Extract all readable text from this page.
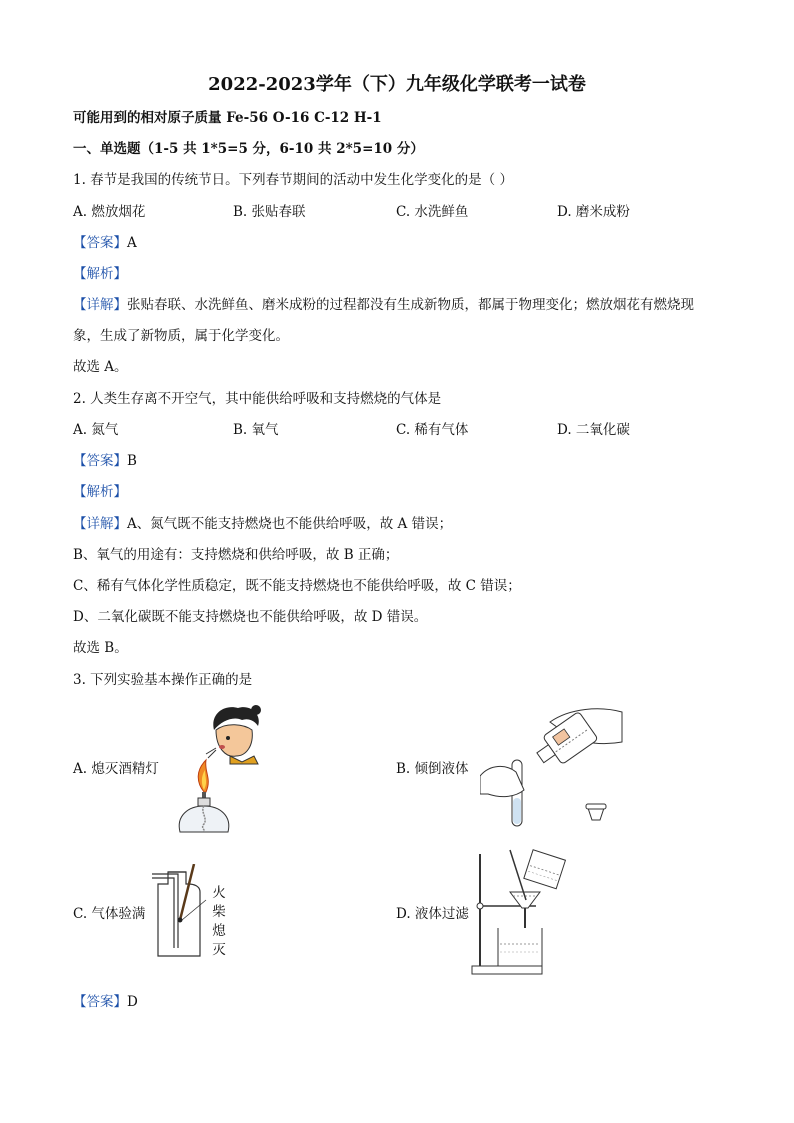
2022-2023学年（下）九年级化学联考一试卷
可能用到的相对原子质量 Fe-56 O-16 C-12 H-1
一、单选题（1-5 共 1*5=5 分，6-10 共 2*5=10 分）
1. 春节是我国的传统节日。下列春节期间的活动中发生化学变化的是（ ）
A. 燃放烟花	B. 张贴春联	C. 水洗鲜鱼	D. 磨米成粉
【答案】A
【解析】
【详解】张贴春联、水洗鲜鱼、磨米成粉的过程都没有生成新物质，都属于物理变化；燃放烟花有燃烧现
象，生成了新物质，属于化学变化。
故选 A。
2. 人类生存离不开空气，其中能供给呼吸和支持燃烧的气体是
A. 氮气	B. 氧气	C. 稀有气体	D. 二氧化碳
【答案】B
【解析】
【详解】A、氮气既不能支持燃烧也不能供给呼吸，故 A 错误；
B、氧气的用途有：支持燃烧和供给呼吸，故 B 正确；
C、稀有气体化学性质稳定，既不能支持燃烧也不能供给呼吸，故 C 错误；
D、二氧化碳既不能支持燃烧也不能供给呼吸，故 D 错误。
故选 B。
3. 下列实验基本操作正确的是
A. 熄灭酒精灯	B. 倾倒液体
C. 气体验满
火
柴
熄
灭
D. 液体过滤
【答案】D
